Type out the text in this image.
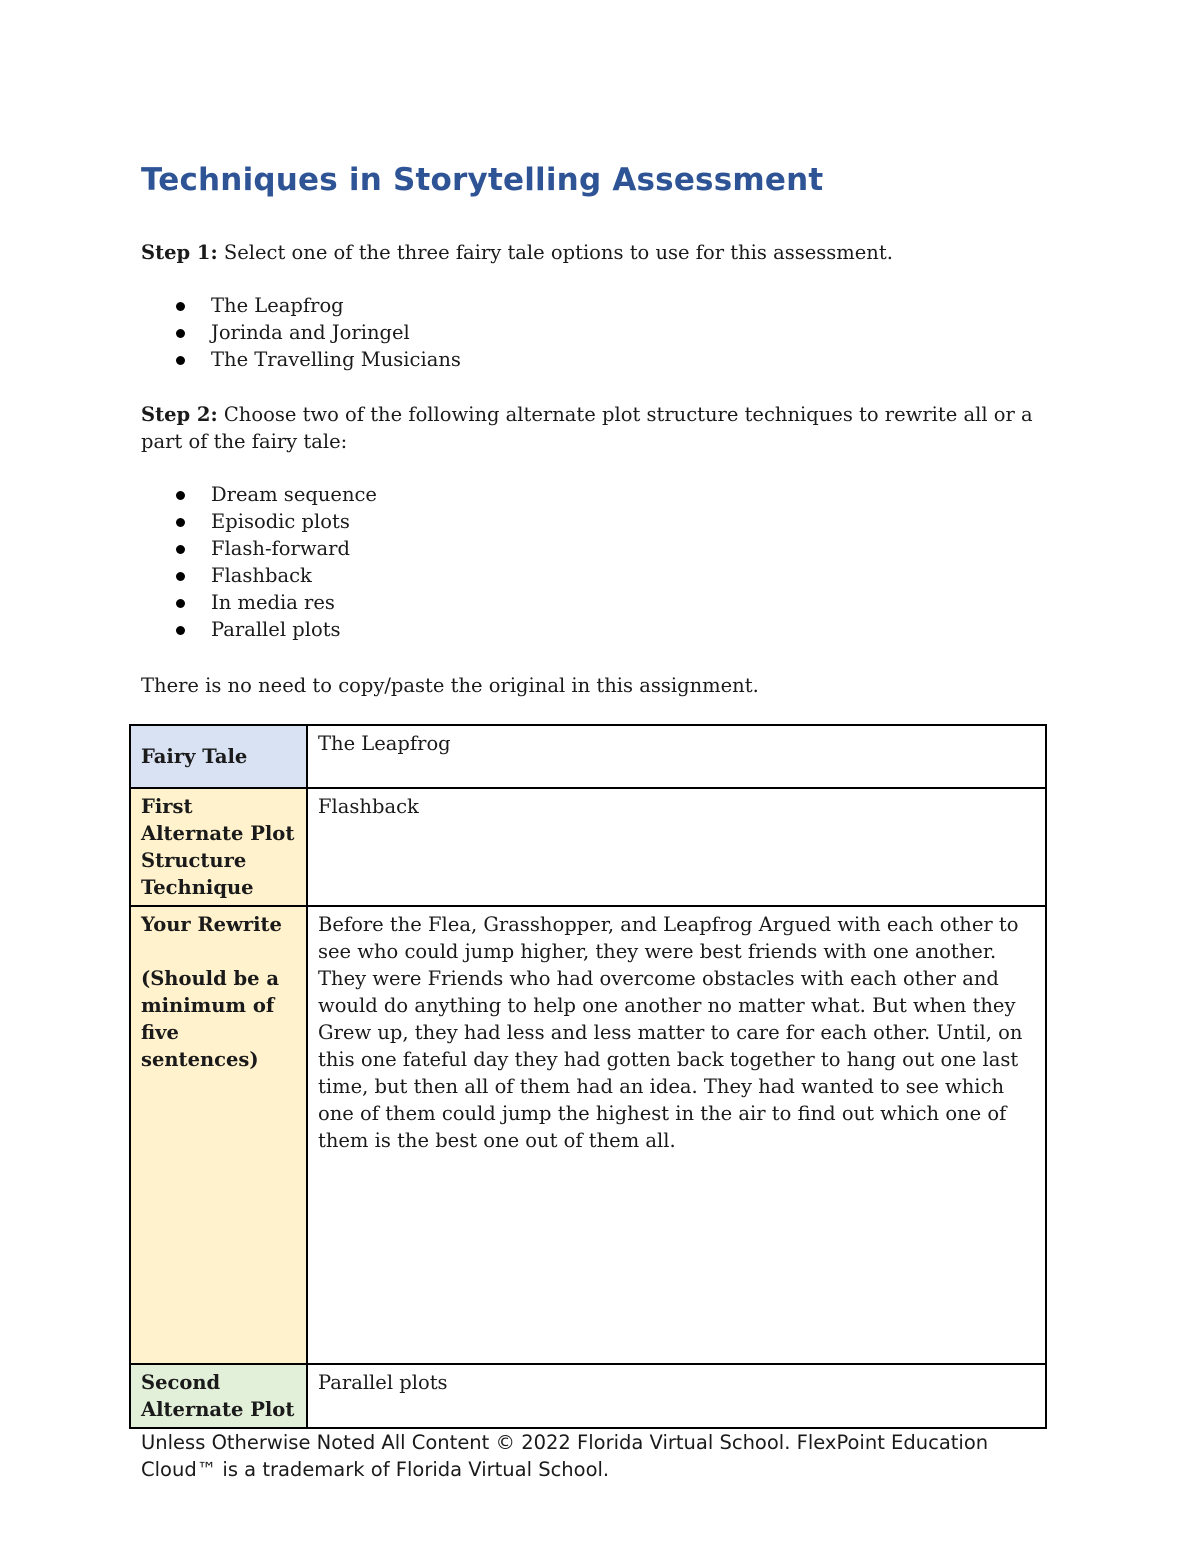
Techniques in Storytelling Assessment

Step 1: Select one of the three fairy tale options to use for this assessment.

The Leapfrog
Jorinda and Joringel
The Travelling Musicians

Step 2: Choose two of the following alternate plot structure techniques to rewrite all or a part of the fairy tale:

Dream sequence
Episodic plots
Flash-forward
Flashback
In media res
Parallel plots

There is no need to copy/paste the original in this assignment.

Fairy Tale	The Leapfrog
First Alternate Plot Structure Technique	Flashback

Your Rewrite
(Should be a minimum of five sentences)	Before the Flea, Grasshopper, and Leapfrog Argued with each other to see who could jump higher, they were best friends with one another. They were Friends who had overcome obstacles with each other and would do anything to help one another no matter what. But when they Grew up, they had less and less matter to care for each other. Until, on this one fateful day they had gotten back together to hang out one last time, but then all of them had an idea. They had wanted to see which one of them could jump the highest in the air to find out which one of them is the best one out of them all.
Second Alternate Plot	Parallel plots

Unless Otherwise Noted All Content © 2022 Florida Virtual School. FlexPoint Education Cloud™ is a trademark of Florida Virtual School.
